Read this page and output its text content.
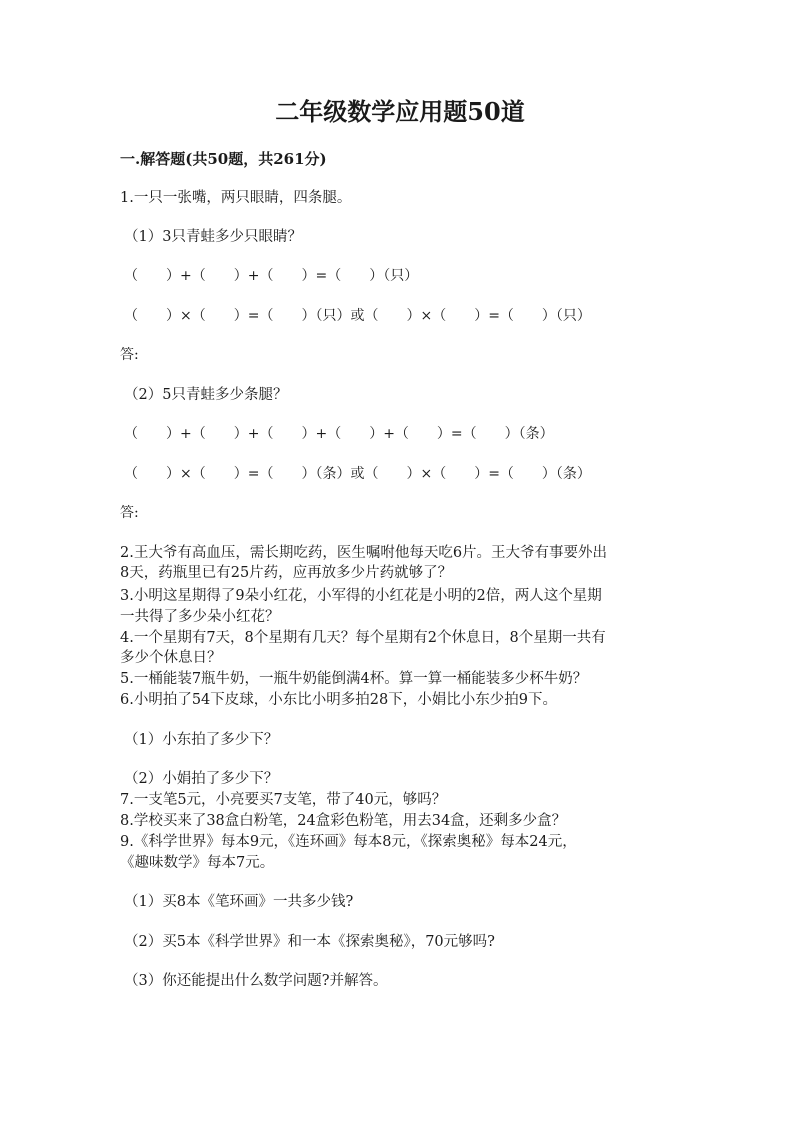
二年级数学应用题50道
一.解答题(共50题，共261分)
1.一只一张嘴，两只眼睛，四条腿。
（1）3只青蛙多少只眼睛？
（　　）+（　　）+（　　）=（　　）（只）
（　　）×（　　）=（　　）（只）或（　　）×（　　）=（　　）（只）
答:
（2）5只青蛙多少条腿？
（　　）+（　　）+（　　）+（　　）+（　　）=（　　）（条）
（　　）×（　　）=（　　）（条）或（　　）×（　　）=（　　）（条）
答:
2.王大爷有高血压，需长期吃药，医生嘱咐他每天吃6片。王大爷有事要外出
8天，药瓶里已有25片药，应再放多少片药就够了？
3.小明这星期得了9朵小红花，小军得的小红花是小明的2倍，两人这个星期
一共得了多少朵小红花？
4.一个星期有7天，8个星期有几天？每个星期有2个休息日，8个星期一共有
多少个休息日？
5.一桶能装7瓶牛奶，一瓶牛奶能倒满4杯。算一算一桶能装多少杯牛奶？
6.小明拍了54下皮球，小东比小明多拍28下，小娟比小东少拍9下。
（1）小东拍了多少下？
（2）小娟拍了多少下？
7.一支笔5元，小亮要买7支笔，带了40元，够吗？
8.学校买来了38盒白粉笔，24盒彩色粉笔，用去34盒，还剩多少盒？
9.《科学世界》每本9元，《连环画》每本8元，《探索奥秘》每本24元，
《趣味数学》每本7元。
（1）买8本《笔环画》一共多少钱?
（2）买5本《科学世界》和一本《探索奥秘》，70元够吗?
（3）你还能提出什么数学问题?并解答。
